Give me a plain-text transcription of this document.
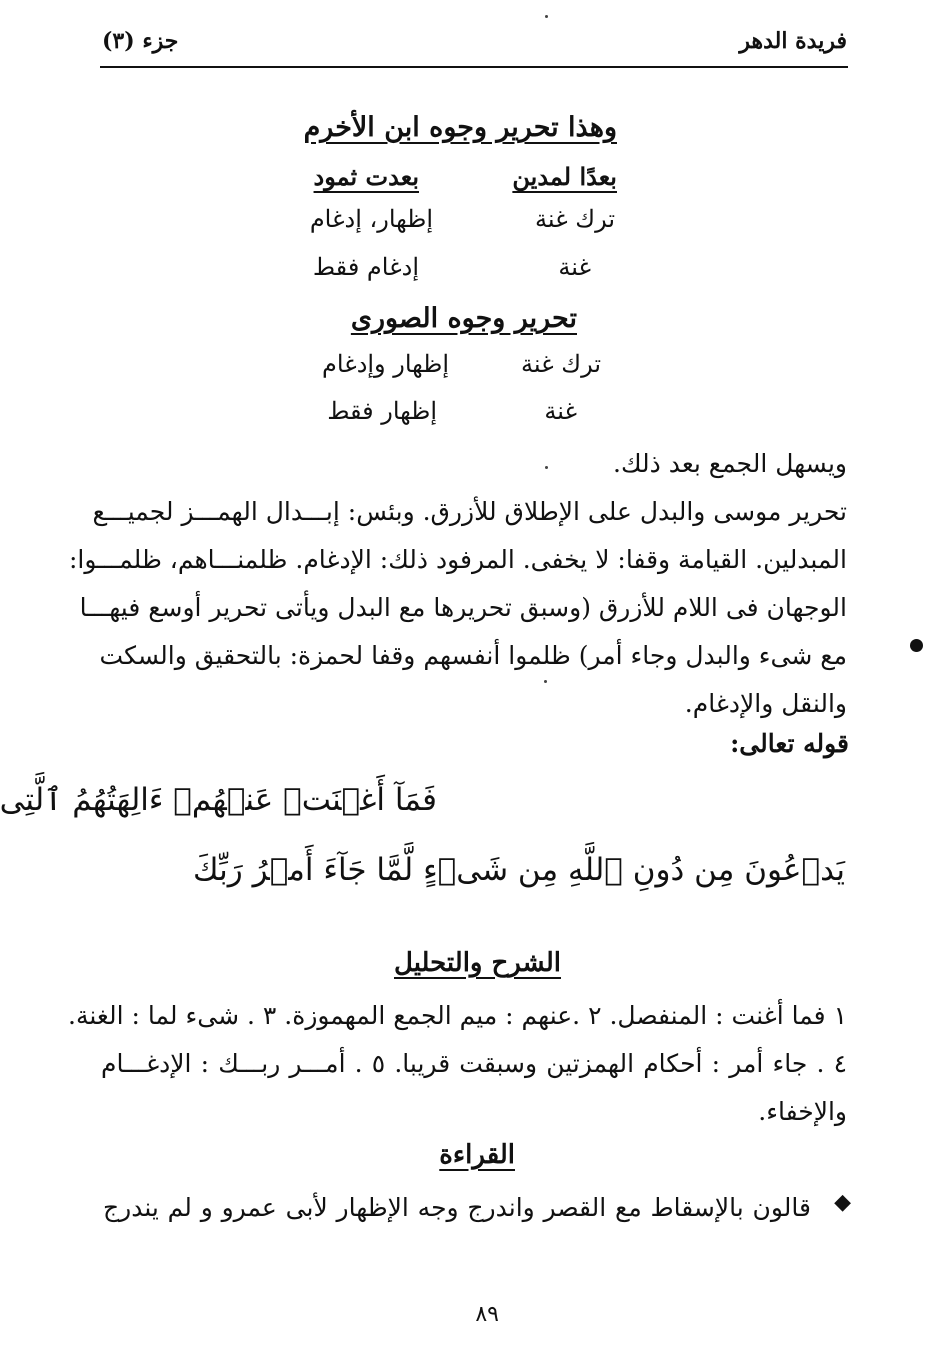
فريدة الدهر
جزء (٣)
وهذا تحرير وجوه ابن الأخرم
بعدًا لمدين
بعدت ثمود
ترك غنة
إظهار، إدغام
غنة
إدغام فقط
تحرير وجوه الصورى
ترك غنة
إظهار وإدغام
غنة
إظهار فقط
ويسهل الجمع بعد ذلك.
تحرير موسى والبدل على الإطلاق للأزرق. وبئس: إبـــدال الهمـــز لجميـــع
المبدلين. القيامة وقفا: لا يخفى. المرفود ذلك: الإدغام. ظلمنـــاهم، ظلمـــوا:
الوجهان فى اللام للأزرق (وسبق تحريرها مع البدل ويأتى تحرير أوسع فيهـــا
مع شىء والبدل وجاء أمر) ظلموا أنفسهم وقفا لحمزة: بالتحقيق والسكت
والنقل والإدغام.
قوله تعالى:
فَمَآ أَغۡنَتۡ عَنۡهُمۡ ءَالِهَتُهُمُ ٱلَّتِى
يَدۡعُونَ مِن دُونِ ٱللَّهِ مِن شَىۡءٍ لَّمَّا جَآءَ أَمۡرُ رَبِّكَ
الشرح والتحليل
١ فما أغنت : المنفصل. ٢ .عنهم : ميم الجمع المهموزة. ٣ . شىء لما : الغنة.
٤ . جاء أمر : أحكام الهمزتين وسبقت قريبا. ٥ . أمـــر ربـــك : الإدغـــام
والإخفاء.
القراءة
◆
قالون بالإسقاط مع القصر واندرج وجه الإظهار لأبى عمرو و لم يندرج
٨٩
